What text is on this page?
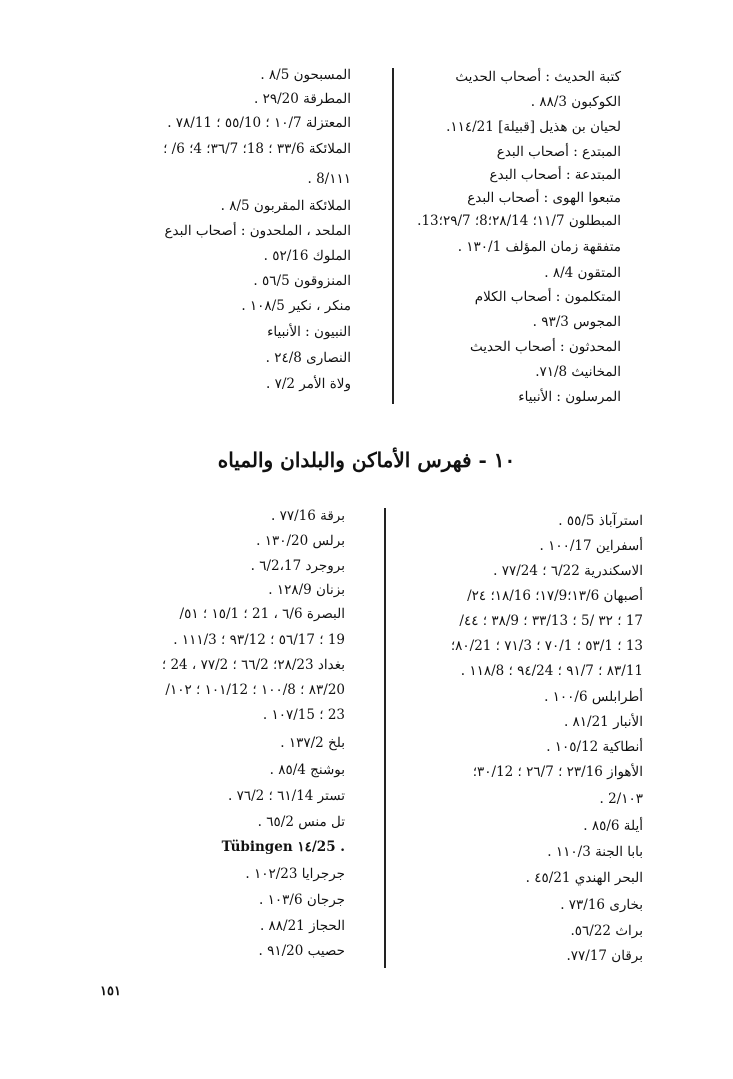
كتبة الحديث : أصحاب الحديث
الكوكبون ٨٨/3 .
لحيان بن هذيل [قبيلة] ١١٤/21.
المبتدع : أصحاب البدع
المبتدعة : أصحاب البدع
متبعوا الهوى : أصحاب البدع
المبطلون ١١/7؛ ٢٨/14؛8؛ ٢٩/7؛13.
متفقهة زمان المؤلف ١٣٠/1 .
المتقون ٨/4 .
المتكلمون : أصحاب الكلام
المجوس ٩٣/3 .
المحدثون : أصحاب الحديث
المخانيث ٧١/8.
المرسلون : الأنبياء
المسبحون ٨/5 .
المطرقة ٢٩/20 .
المعتزلة ١٠/7 ؛ ٥٥/10 ؛ ٧٨/11 .
الملائكة ٣٣/6 ؛ 18؛ ٣٦/7؛ 4؛ 6/ ؛
١١١/8 .
الملائكة المقربون ٨/5 .
الملحد ، الملحدون : أصحاب البدع
الملوك ٥٢/16 .
المنزوقون ٥٦/5 .
منكر ، نكير ١٠٨/5 .
النبيون : الأنبياء
النصارى ٢٤/8 .
ولاة الأمر ٧/2 .
١٠ - فهرس الأماكن والبلدان والمياه
استرآباذ ٥٥/5 .
أسفراين ١٠٠/17 .
الاسكندرية ٦/22 ؛ ٧٧/24 .
أصبهان ١٣/6؛١٧/9؛ ١٨/16؛ ٢٤/
17 ؛ ٣٢ /5 ؛ ٣٣/13 ؛ ٣٨/9 ؛ ٤٤/
13 ؛ ٥٣/1 ؛ ٧٠/1 ؛ ٧١/3 ؛ ٨٠/21؛
11/٨٣ ؛ ٩١/7 ؛ ٩٤/24 ؛ ١١٨/8 .
أطرابلس ١٠٠/6 .
الأنبار ٨١/21 .
أنطاكية ١٠٥/12 .
الأهواز ٢٣/16 ؛ ٢٦/7 ؛ ٣٠/12؛
١٠٣/2 .
أيلة ٨٥/6 .
بابا الجنة ١١٠/3 .
البحر الهندي ٤٥/21 .
بخارى ٧٣/16 .
براث ٥٦/22.
برقان ٧٧/17.
برقة ٧٧/16 .
برلس ١٣٠/20 .
بروجرد ٦/2،17 .
بزنان ١٢٨/9 .
البصرة ٦/6 ، 21 ؛ ١٥/1 ؛ ٥١/
19 ؛ ٥٦/17 ؛ ٩٣/12 ؛ ١١١/3 .
بغداد ٢٨/23؛ ٦٦/2 ؛ ٧٧/2 ، 24 ؛
20/٨٣ ؛ ١٠٠/8 ؛ ١٠١/12 ؛ ١٠٢/
23 ؛ ١٠٧/15 .
بلخ ١٣٧/2 .
بوشنج ٨٥/4 .
تستر ٦١/14 ؛ ٧٦/2 .
تل منس ٦٥/2 .
Tübingen ١٤/25 .
جرجرايا ١٠٢/23 .
جرجان ١٠٣/6 .
الحجاز ٨٨/21 .
حصيب ٩١/20 .
١٥١
